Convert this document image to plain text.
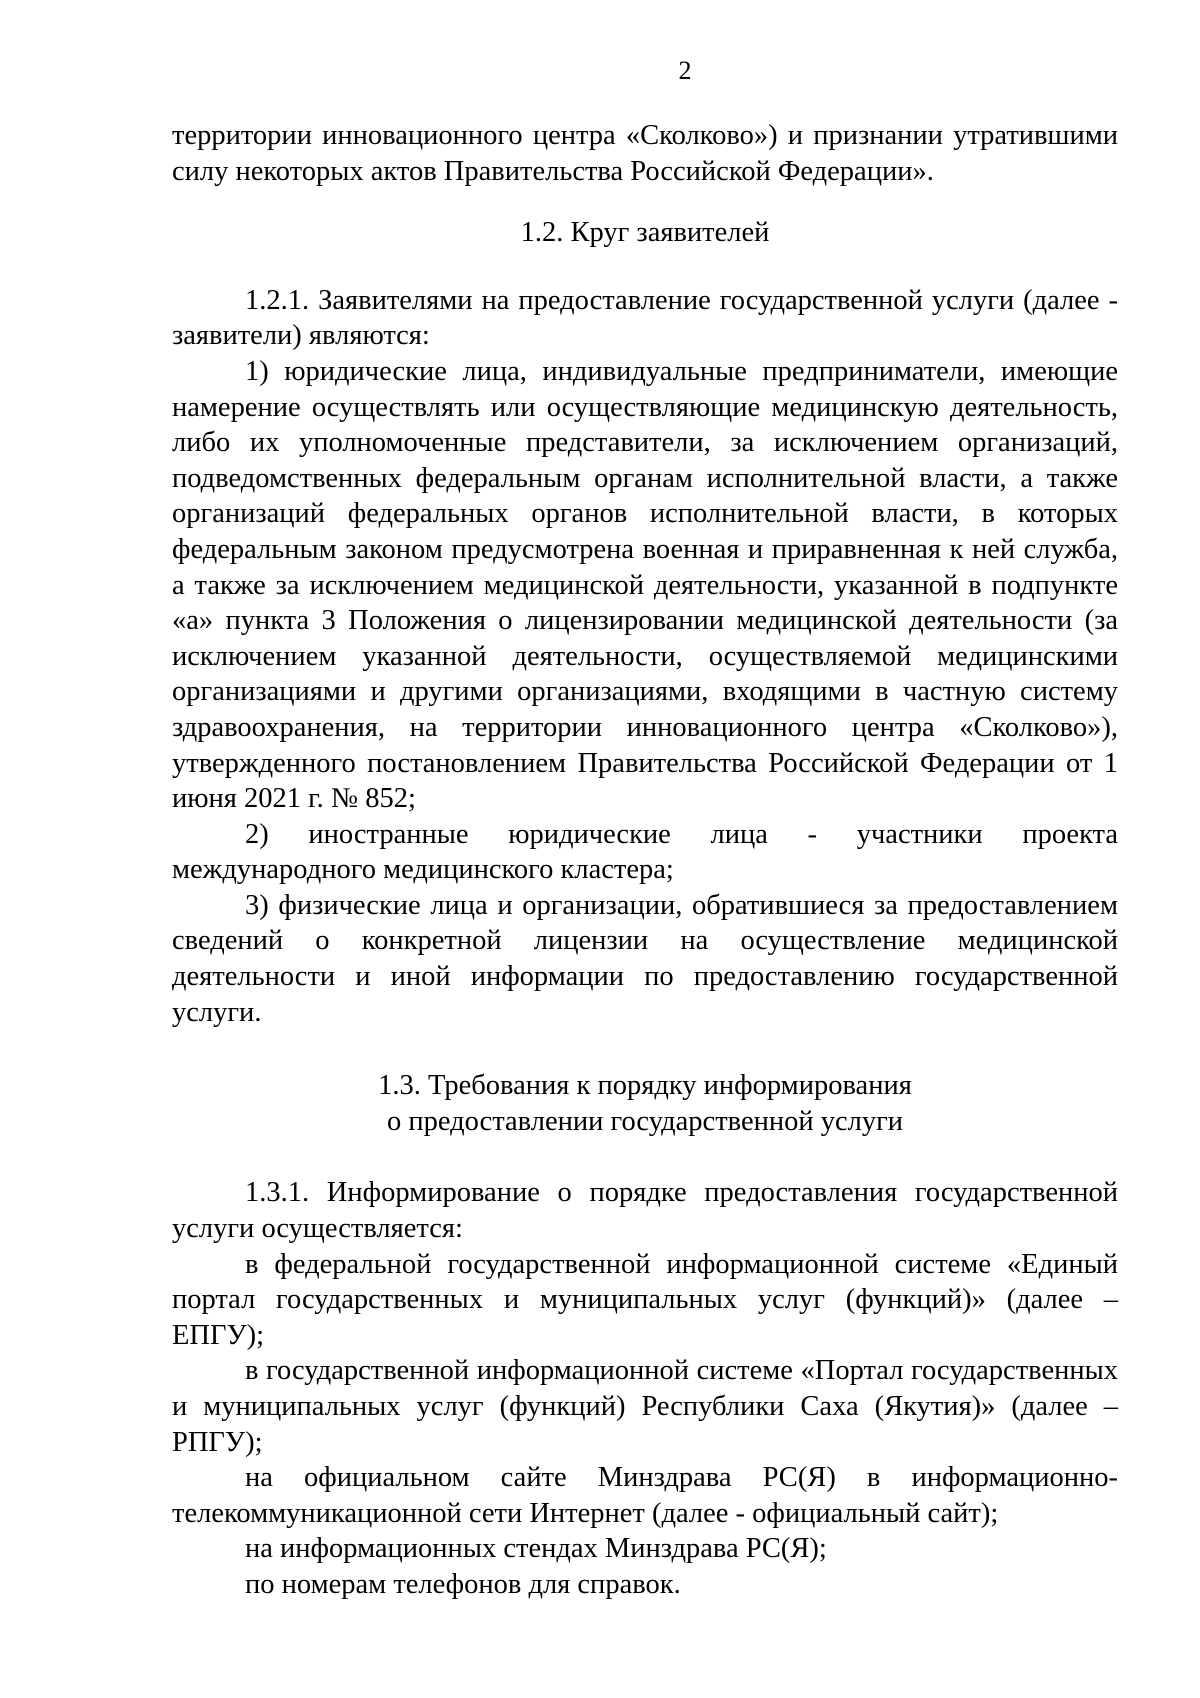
2

территории инновационного центра «Сколково») и признании утратившими силу некоторых актов Правительства Российской Федерации».

1.2. Круг заявителей

1.2.1. Заявителями на предоставление государственной услуги (далее - заявители) являются:

1) юридические лица, индивидуальные предприниматели, имеющие намерение осуществлять или осуществляющие медицинскую деятельность, либо их уполномоченные представители, за исключением организаций, подведомственных федеральным органам исполнительной власти, а также организаций федеральных органов исполнительной власти, в которых федеральным законом предусмотрена военная и приравненная к ней служба, а также за исключением медицинской деятельности, указанной в подпункте «а» пункта 3 Положения о лицензировании медицинской деятельности (за исключением указанной деятельности, осуществляемой медицинскими организациями и другими организациями, входящими в частную систему здравоохранения, на территории инновационного центра «Сколково»), утвержденного постановлением Правительства Российской Федерации от 1 июня 2021 г. № 852;

2) иностранные юридические лица - участники проекта международного медицинского кластера;

3) физические лица и организации, обратившиеся за предоставлением сведений о конкретной лицензии на осуществление медицинской деятельности и иной информации по предоставлению государственной услуги.

1.3. Требования к порядку информирования

о предоставлении государственной услуги

1.3.1. Информирование о порядке предоставления государственной услуги осуществляется:

в федеральной государственной информационной системе «Единый портал государственных и муниципальных услуг (функций)» (далее – ЕПГУ);

в государственной информационной системе «Портал государственных и муниципальных услуг (функций) Республики Саха (Якутия)» (далее – РПГУ);

на официальном сайте Минздрава РС(Я) в информационно-телекоммуникационной сети Интернет (далее - официальный сайт);

на информационных стендах Минздрава РС(Я);

по номерам телефонов для справок.
